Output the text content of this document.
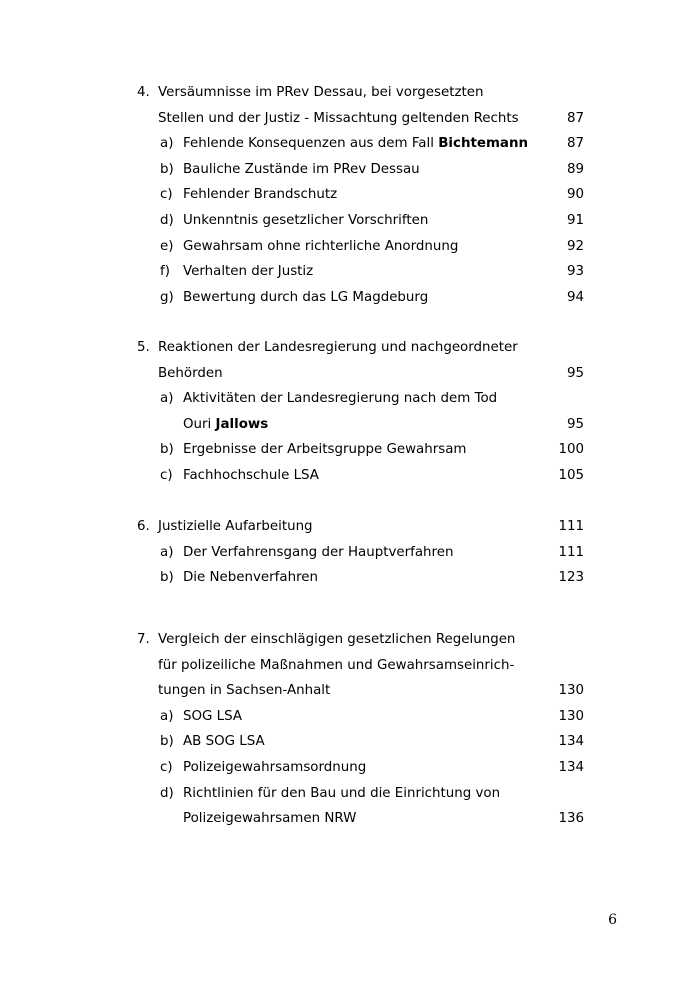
4. Versäumnisse im PRev Dessau, bei vorgesetzten
Stellen und der Justiz - Missachtung geltenden Rechts	87
a) Fehlende Konsequenzen aus dem Fall Bichtemann	87
b) Bauliche Zustände im PRev Dessau	89
c) Fehlender Brandschutz	90
d) Unkenntnis gesetzlicher Vorschriften	91
e) Gewahrsam ohne richterliche Anordnung	92
f) Verhalten der Justiz	93
g) Bewertung durch das LG Magdeburg	94
5. Reaktionen der Landesregierung und nachgeordneter
Behörden	95
a) Aktivitäten der Landesregierung nach dem Tod
Ouri Jallows	95
b) Ergebnisse der Arbeitsgruppe Gewahrsam	100
c) Fachhochschule LSA	105
6. Justizielle Aufarbeitung	111
a) Der Verfahrensgang der Hauptverfahren	111
b) Die Nebenverfahren	123
7. Vergleich der einschlägigen gesetzlichen Regelungen
für polizeiliche Maßnahmen und Gewahrsamseinrich-
tungen in Sachsen-Anhalt	130
a) SOG LSA	130
b) AB SOG LSA	134
c) Polizeigewahrsamsordnung	134
d) Richtlinien für den Bau und die Einrichtung von
Polizeigewahrsamen NRW	136
6
